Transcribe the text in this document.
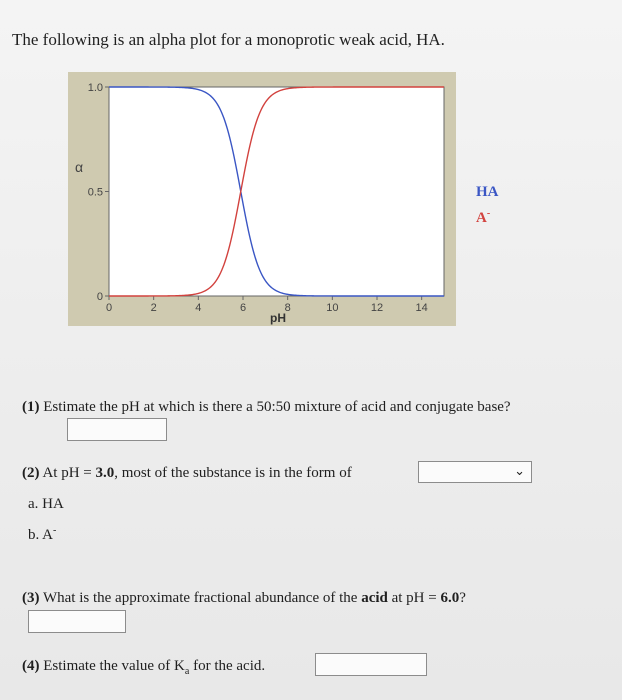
The following is an alpha plot for a monoprotic weak acid, HA.
0	2	4	6	8	10	12	14
0
0.5
1.0
α
pH
HA
A-
(1) Estimate the pH at which is there a 50:50 mixture of acid and conjugate base?
(2) At pH = 3.0, most of the substance is in the form of	⌄
a. HA
b. A-
(3) What is the approximate fractional abundance of the acid at pH = 6.0?
(4) Estimate the value of $K_a$ for the acid.
